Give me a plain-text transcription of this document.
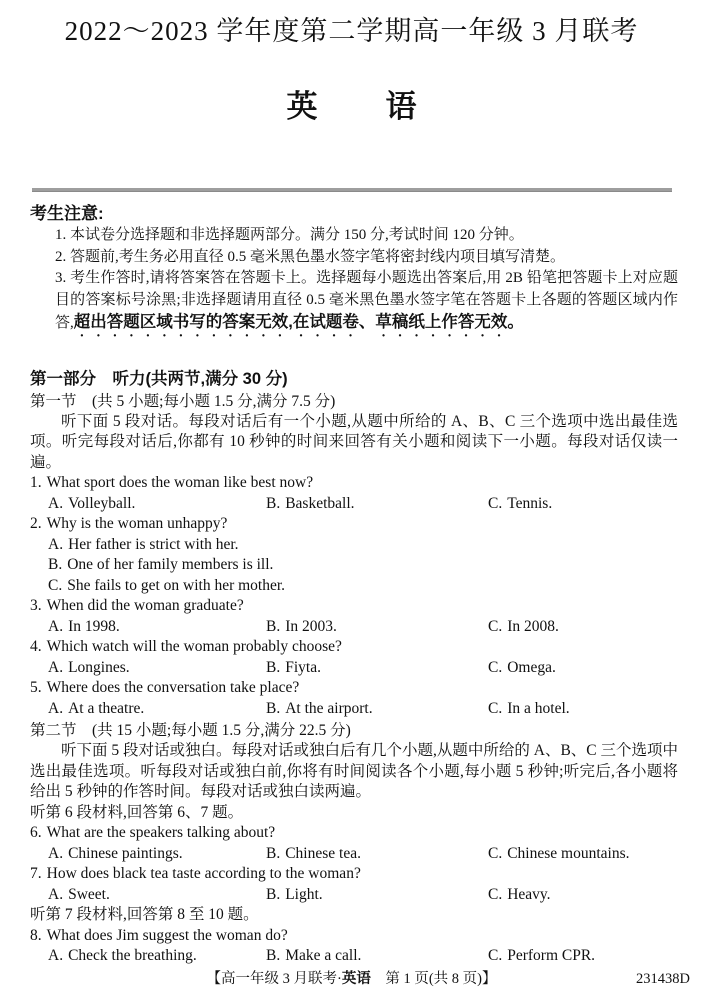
2022～2023 学年度第二学期高一年级 3 月联考
英 语
考生注意:
1. 本试卷分选择题和非选择题两部分。满分 150 分,考试时间 120 分钟。
2. 答题前,考生务必用直径 0.5 毫米黑色墨水签字笔将密封线内项目填写清楚。
3. 考生作答时,请将答案答在答题卡上。选择题每小题选出答案后,用 2B 铅笔把答题卡上对应题目的答案标号涂黑;非选择题请用直径 0.5 毫米黑色墨水签字笔在答题卡上各题的答题区域内作答,超出答题区域书写的答案无效,在试题卷、草稿纸上作答无效。
第一部分　听力(共两节,满分 30 分)
第一节　(共 5 小题;每小题 1.5 分,满分 7.5 分)
听下面 5 段对话。每段对话后有一个小题,从题中所给的 A、B、C 三个选项中选出最佳选项。听完每段对话后,你都有 10 秒钟的时间来回答有关小题和阅读下一小题。每段对话仅读一遍。
1. What sport does the woman like best now?
A. Volleyball.	B. Basketball.	C. Tennis.
2. Why is the woman unhappy?
A. Her father is strict with her.
B. One of her family members is ill.
C. She fails to get on with her mother.
3. When did the woman graduate?
A. In 1998.	B. In 2003.	C. In 2008.
4. Which watch will the woman probably choose?
A. Longines.	B. Fiyta.	C. Omega.
5. Where does the conversation take place?
A. At a theatre.	B. At the airport.	C. In a hotel.
第二节　(共 15 小题;每小题 1.5 分,满分 22.5 分)
听下面 5 段对话或独白。每段对话或独白后有几个小题,从题中所给的 A、B、C 三个选项中选出最佳选项。听每段对话或独白前,你将有时间阅读各个小题,每小题 5 秒钟;听完后,各小题将给出 5 秒钟的作答时间。每段对话或独白读两遍。
听第 6 段材料,回答第 6、7 题。
6. What are the speakers talking about?
A. Chinese paintings.	B. Chinese tea.	C. Chinese mountains.
7. How does black tea taste according to the woman?
A. Sweet.	B. Light.	C. Heavy.
听第 7 段材料,回答第 8 至 10 题。
8. What does Jim suggest the woman do?
A. Check the breathing.	B. Make a call.	C. Perform CPR.
【高一年级 3 月联考·英语　第 1 页(共 8 页)】	231438D
